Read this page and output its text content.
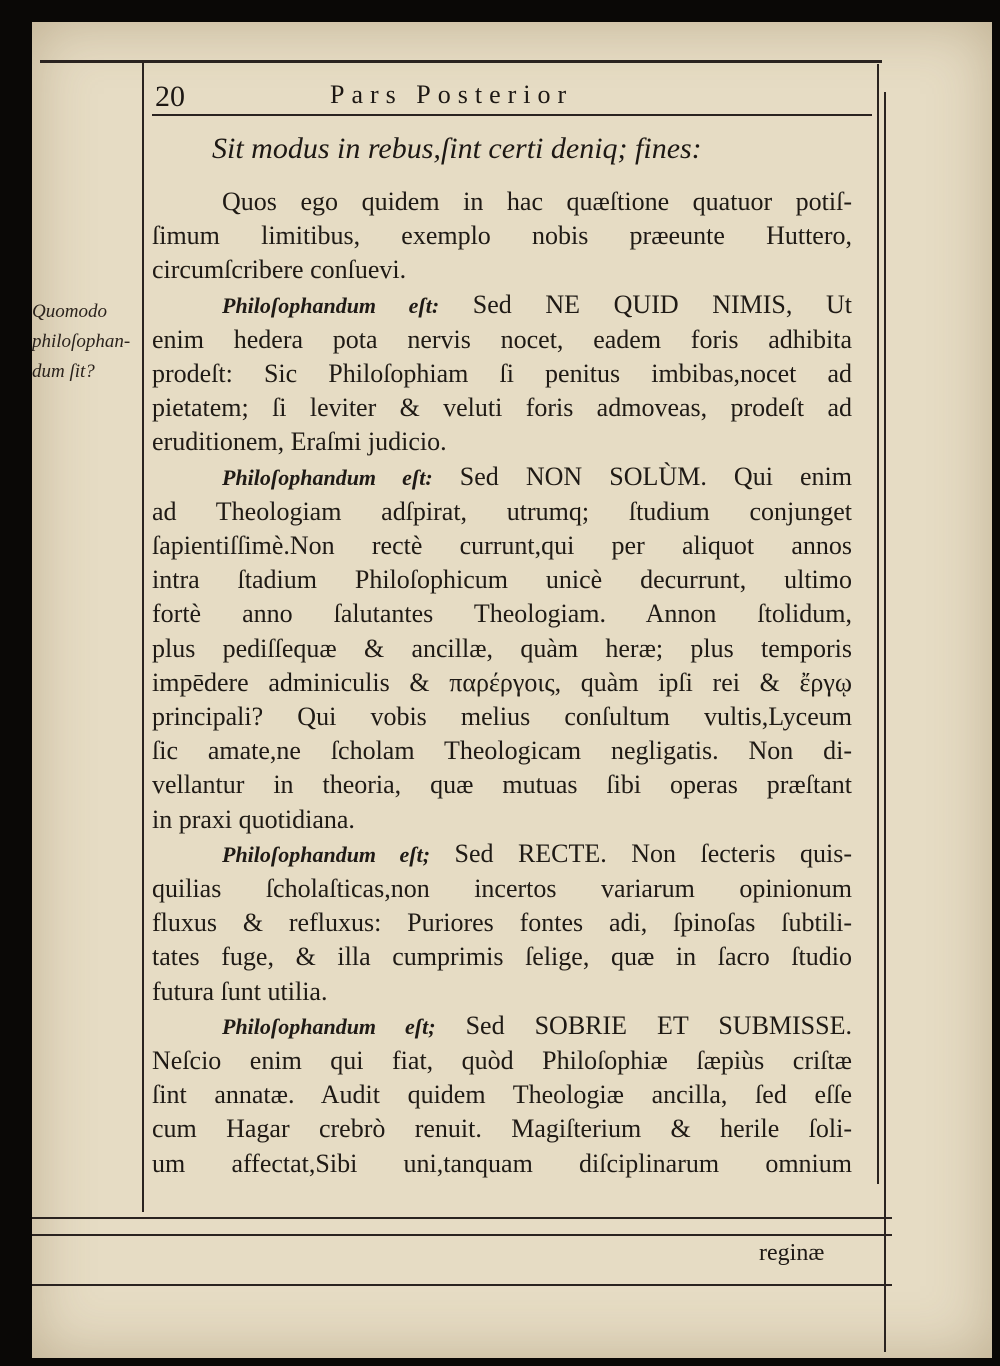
20	Pars Posterior
Sit modus in rebus,ſint certi deniq; fines:
Quomodo
philoſophan-
dum ſit?
Quos ego quidem in hac quæſtione quatuor potiſ-
ſimum limitibus, exemplo nobis præeunte Huttero,
circumſcribere conſuevi.
Philoſophandum eſt: Sed NE QUID NIMIS, Ut
enim hedera pota nervis nocet, eadem foris adhibita
prodeſt: Sic Philoſophiam ſi penitus imbibas,nocet ad
pietatem; ſi leviter & veluti foris admoveas, prodeſt ad
eruditionem, Eraſmi judicio.
Philoſophandum eſt: Sed NON SOLÙM. Qui enim
ad Theologiam adſpirat, utrumq; ſtudium conjunget
ſapientiſſimè.Non rectè currunt,qui per aliquot annos
intra ſtadium Philoſophicum unicè decurrunt, ultimo
fortè anno ſalutantes Theologiam. Annon ſtolidum,
plus pediſſequæ & ancillæ, quàm heræ; plus temporis
impēdere adminiculis & παρέργοις, quàm ipſi rei & ἔργῳ
principali? Qui vobis melius conſultum vultis,Lyceum
ſic amate,ne ſcholam Theologicam negligatis. Non di-
vellantur in theoria, quæ mutuas ſibi operas præſtant
in praxi quotidiana.
Philoſophandum eſt; Sed RECTE. Non ſecteris quis-
quilias ſcholaſticas,non incertos variarum opinionum
fluxus & refluxus: Puriores fontes adi, ſpinoſas ſubtili-
tates fuge, & illa cumprimis ſelige, quæ in ſacro ſtudio
futura ſunt utilia.
Philoſophandum eſt; Sed SOBRIE ET SUBMISSE.
Neſcio enim qui fiat, quòd Philoſophiæ ſæpiùs criſtæ
ſint annatæ. Audit quidem Theologiæ ancilla, ſed eſſe
cum Hagar crebrò renuit. Magiſterium & herile ſoli-
um affectat,Sibi uni,tanquam diſciplinarum omnium
reginæ
